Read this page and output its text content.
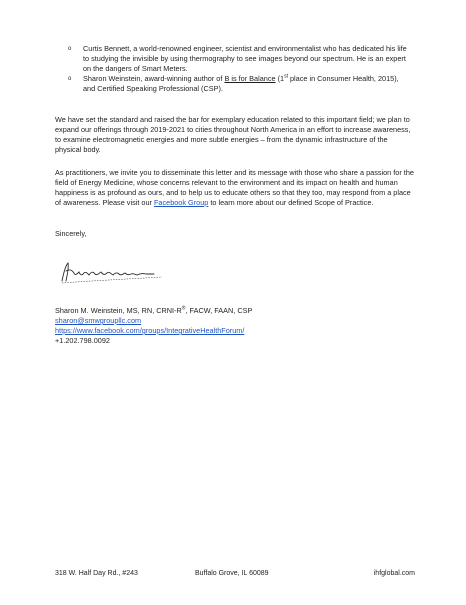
o Curtis Bennett, a world-renowned engineer, scientist and environmentalist who has dedicated his life to studying the invisible by using thermography to see images beyond our spectrum. He is an expert on the dangers of Smart Meters.
o Sharon Weinstein, award-winning author of B is for Balance (1st place in Consumer Health, 2015), and Certified Speaking Professional (CSP).

We have set the standard and raised the bar for exemplary education related to this important field; we plan to expand our offerings through 2019-2021 to cities throughout North America in an effort to increase awareness, to examine electromagnetic energies and more subtle energies – from the dynamic infrastructure of the physical body.

As practitioners, we invite you to disseminate this letter and its message with those who share a passion for the field of Energy Medicine, whose concerns relevant to the environment and its impact on health and human happiness is as profound as ours, and to help us to educate others so that they too, may respond from a place of awareness. Please visit our Facebook Group to learn more about our defined Scope of Practice.

Sincerely,

Sharon M. Weinstein, MS, RN, CRNI-R®, FACW, FAAN, CSP
sharon@smwgroupllc.com
https://www.facebook.com/groups/IntegrativeHealthForum/
+1.202.798.0092
318 W. Half Day Rd., #243	Buffalo Grove, IL 60089	ihfglobal.com
